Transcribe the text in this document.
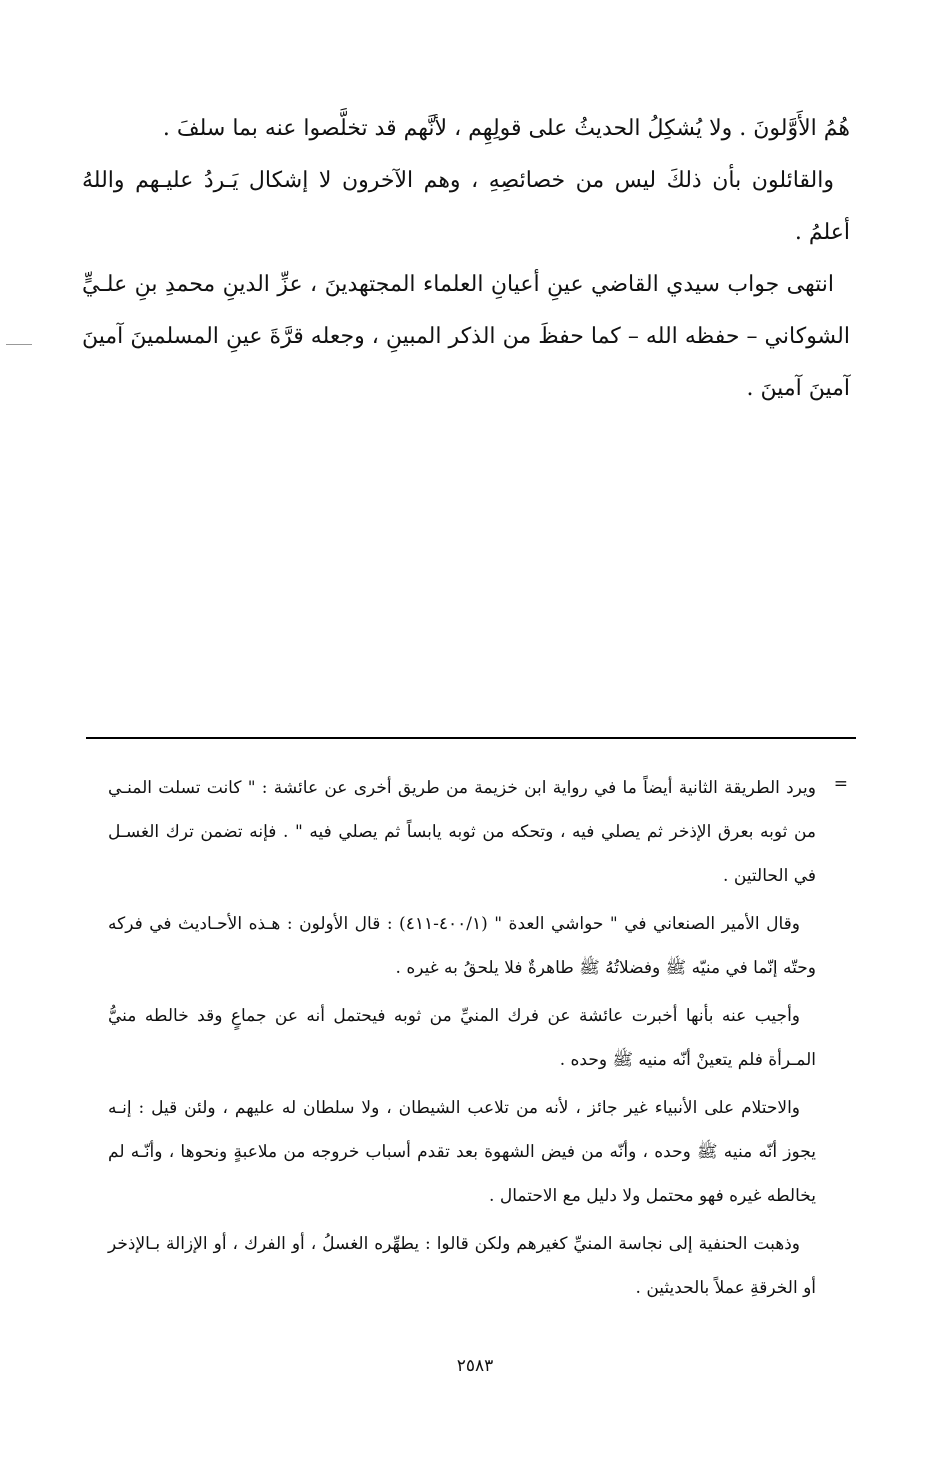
هُمُ الأَوَّلونَ . ولا يُشكِلُ الحديثُ على قولِهِم ، لأنَّهم قد تخلَّصوا عنه بما سلفَ .

والقائلون بأن ذلكَ ليس من خصائصِهِ ، وهم الآخرون لا إشكال يَـردُ عليـهم واللهُ أعلمُ .

انتهى جواب سيدي القاضي عينِ أعيانِ العلماء المجتهدينَ ، عزِّ الدينِ محمدِ بنِ علـيٍّ الشوكاني – حفظه الله – كما حفظَ من الذكر المبينِ ، وجعله قرَّةَ عينِ المسلمينَ آمينَ آمينَ آمينَ .

=

ويرد الطريقة الثانية أيضاً ما في رواية ابن خزيمة من طريق أخرى عن عائشة : " كانت تسلت المنـي من ثوبه بعرق الإذخر ثم يصلي فيه ، وتحكه من ثوبه يابساً ثم يصلي فيه " . فإنه تضمن ترك الغسـل في الحالتين .

وقال الأمير الصنعاني في " حواشي العدة " (٤٠٠/١-٤١١) : قال الأولون : هـذه الأحـاديث في فركه وحتّه إنّما في منيّه ﷺ وفضلاتُهُ ﷺ طاهرةٌ فلا يلحقُ به غيره .

وأجيب عنه بأنها أخبرت عائشة عن فرك المنيِّ من ثوبه فيحتمل أنه عن جماعٍ وقد خالطه منيُّ المـرأة فلم يتعينْ أنّه منيه ﷺ وحده .

والاحتلام على الأنبياء غير جائز ، لأنه من تلاعب الشيطان ، ولا سلطان له عليهم ، ولئن قيل : إنـه يجوز أنّه منيه ﷺ وحده ، وأنّه من فيض الشهوة بعد تقدم أسباب خروجه من ملاعبةٍ ونحوها ، وأنّـه لم يخالطه غيره فهو محتمل ولا دليل مع الاحتمال .

وذهبت الحنفية إلى نجاسة المنيِّ كغيرهم ولكن قالوا : يطهِّره الغسلُ ، أو الفرك ، أو الإزالة بـالإذخر أو الخرقةِ عملاً بالحديثين .

٢٥٨٣
